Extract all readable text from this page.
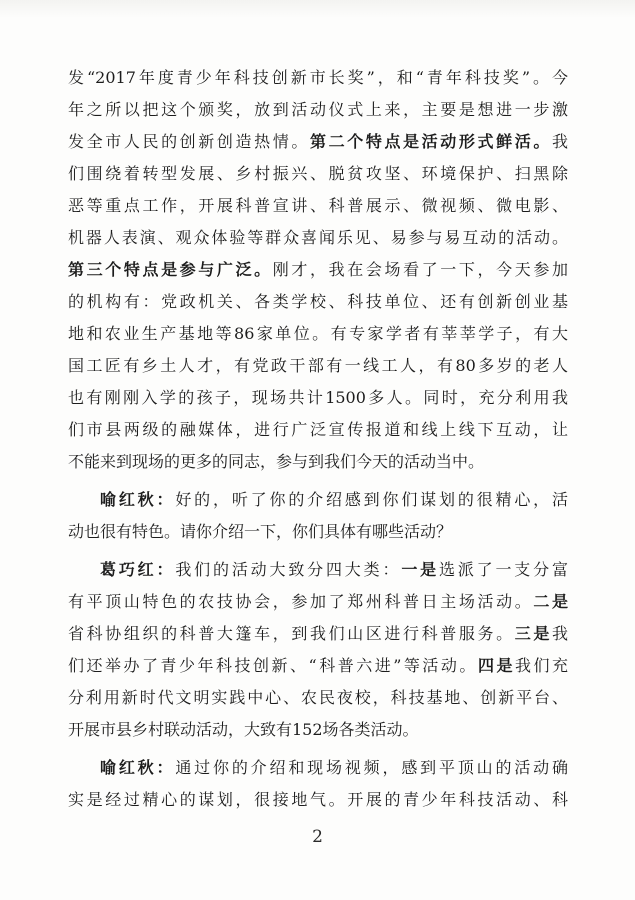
发“2017年度青少年科技创新市长奖”，和“青年科技奖”。今
年之所以把这个颁奖，放到活动仪式上来，主要是想进一步激
发全市人民的创新创造热情。第二个特点是活动形式鲜活。我
们围绕着转型发展、乡村振兴、脱贫攻坚、环境保护、扫黑除
恶等重点工作，开展科普宣讲、科普展示、微视频、微电影、
机器人表演、观众体验等群众喜闻乐见、易参与易互动的活动。
第三个特点是参与广泛。刚才，我在会场看了一下，今天参加
的机构有：党政机关、各类学校、科技单位、还有创新创业基
地和农业生产基地等86家单位。有专家学者有莘莘学子，有大
国工匠有乡土人才，有党政干部有一线工人，有80多岁的老人
也有刚刚入学的孩子，现场共计1500多人。同时，充分利用我
们市县两级的融媒体，进行广泛宣传报道和线上线下互动，让
不能来到现场的更多的同志，参与到我们今天的活动当中。
喻红秋：好的，听了你的介绍感到你们谋划的很精心，活
动也很有特色。请你介绍一下，你们具体有哪些活动？
葛巧红：我们的活动大致分四大类：一是选派了一支分富
有平顶山特色的农技协会，参加了郑州科普日主场活动。二是
省科协组织的科普大篷车，到我们山区进行科普服务。三是我
们还举办了青少年科技创新、“科普六进”等活动。四是我们充
分利用新时代文明实践中心、农民夜校，科技基地、创新平台、
开展市县乡村联动活动，大致有152场各类活动。
喻红秋：通过你的介绍和现场视频，感到平顶山的活动确
实是经过精心的谋划，很接地气。开展的青少年科技活动、科
2
